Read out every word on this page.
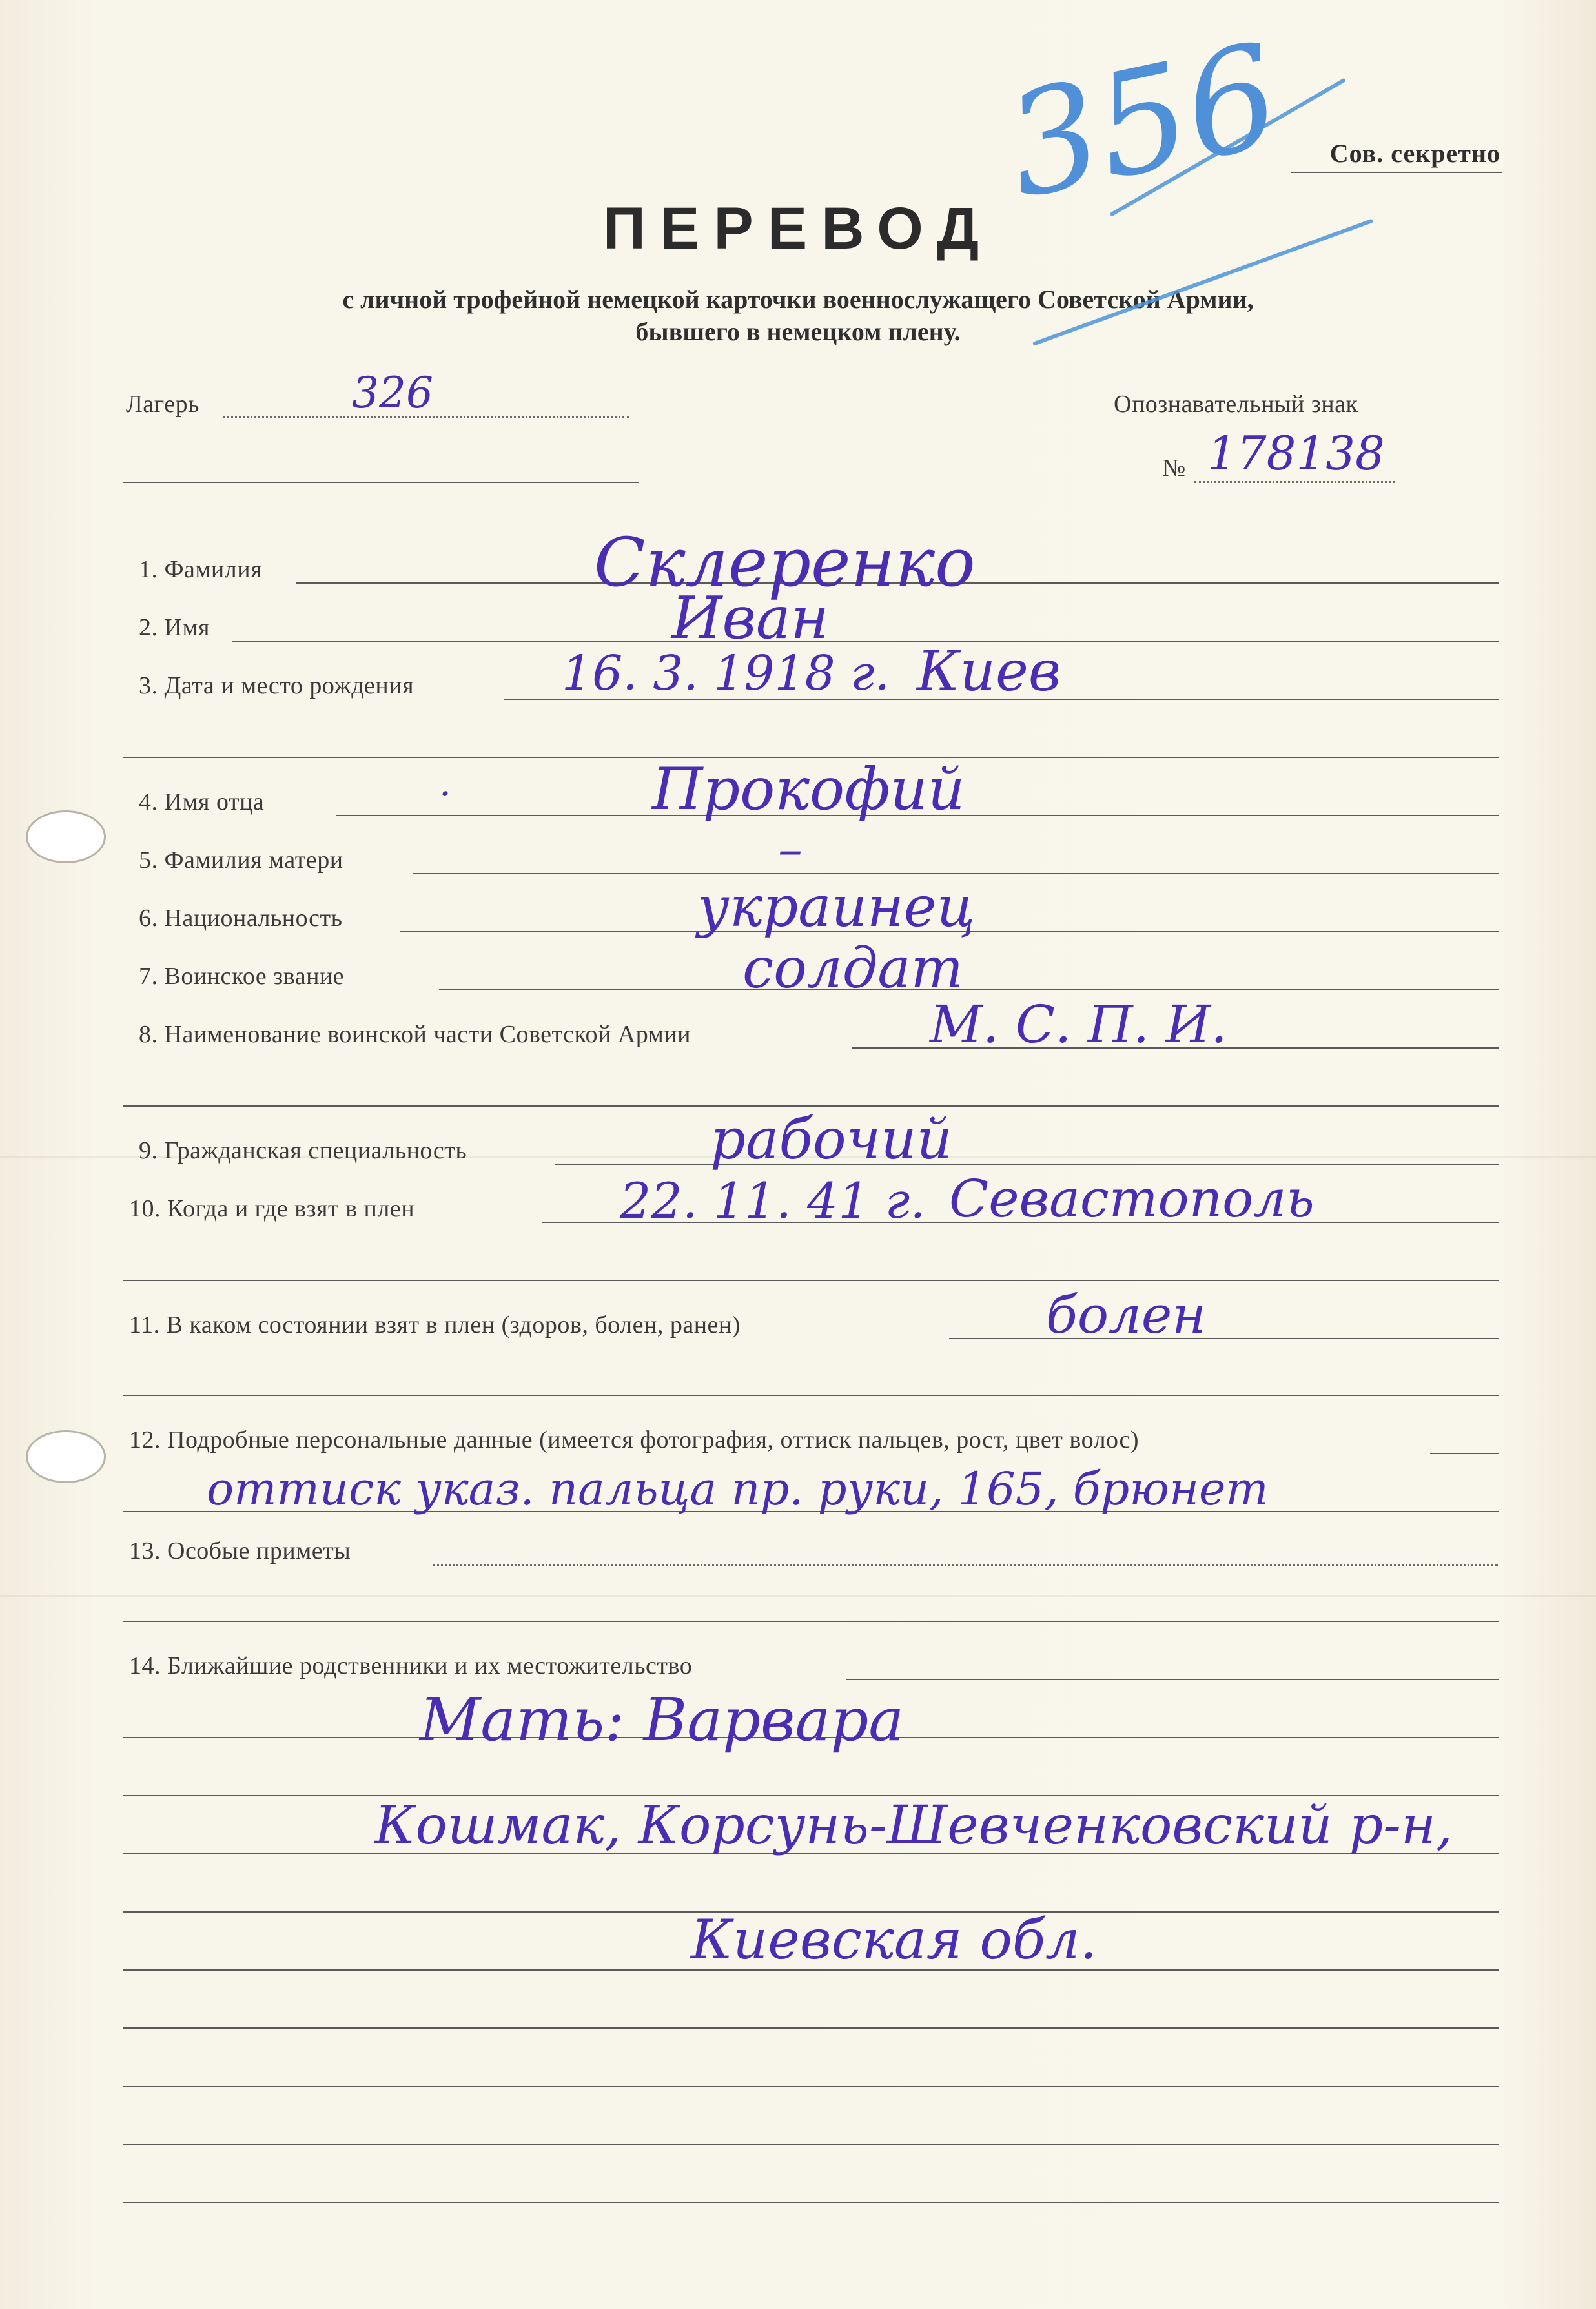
Сов. секретно
ПЕРЕВОД
с личной трофейной немецкой карточки военнослужащего Советской Армии,
бывшего в немецком плену.
356
Лагерь	326	Опознавательный знак
№ 178138
1. Фамилия	Склеренко
2. Имя	Иван
3. Дата и место рождения	16. 3. 1918 г. Киев
4. Имя отца	·	Прокофий
5. Фамилия матери	–
6. Национальность	украинец
7. Воинское звание	солдат
8. Наименование воинской части Советской Армии	М. С. П. И.
9. Гражданская специальность	рабочий
10. Когда и где взят в плен	22. 11. 41 г. Севастополь
11. В каком состоянии взят в плен (здоров, болен, ранен)	болен
12. Подробные персональные данные (имеется фотография, оттиск пальцев, рост, цвет волос)
оттиск указ. пальца пр. руки, 165, брюнет
13. Особые приметы
14. Ближайшие родственники и их местожительство
Мать: Варвара
Кошмак, Корсунь-Шевченковский р-н,
Киевская обл.
